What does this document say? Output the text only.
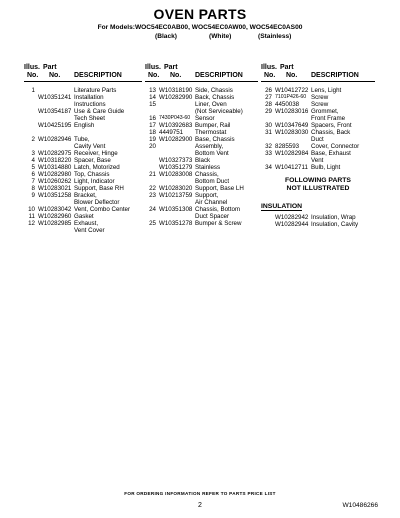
OVEN PARTS
For Models:WOC54EC0AB00, WOC54EC0AW00, WOC54EC0AS00
(Black)	(White)	(Stainless)
Illus. Part
No. No. DESCRIPTION
1	Literature Parts
W10351241 Installation
Instructions
W10354187 Use & Care Guide
Tech Sheet
W10425195 English
2 W10282946 Tube,
Cavity Vent
3 W10282975 Receiver, Hinge
4 W10318220 Spacer, Base
5 W10314880 Latch, Motorized
6 W10282980 Top, Chassis
7 W10260262 Light, Indicator
8 W10283021 Support, Base RH
9 W10351258 Bracket,
Blower Deflector
10 W10283042 Vent, Combo Center
11 W10282960 Gasket
12 W10282985 Exhaust,
Vent Cover
Illus. Part
No. No. DESCRIPTION
13 W10318190 Side, Chassis
14 W10282990 Back, Chassis
15	Liner, Oven
(Not Serviceable)
16 7430P043-60 Sensor
17 W10392683 Bumper, Rail
18 4449751 Thermostat
19 W10282900 Base, Chassis
20	Assembly,
Bottom Vent
W10327373 Black
W10351279 Stainless
21 W10283008 Chassis,
Bottom Duct
22 W10283020 Support, Base LH
23 W10213759 Support,
Air Channel
24 W10351308 Chassis, Bottom
Duct Spacer
25 W10351278 Bumper & Screw
Illus. Part
No. No. DESCRIPTION
26 W10412722 Lens, Light
27 7101P426-60 Screw
28 4450038 Screw
29 W10283016 Grommet,
Front Frame
30 W10347649 Spacers, Front
31 W10283030 Chassis, Back
Duct
32 8285593 Cover, Connector
33 W10282984 Base, Exhaust
Vent
34 W10412711 Bulb, Light
FOLLOWING PARTS
NOT ILLUSTRATED
INSULATION
W10282942 Insulation, Wrap
W10282944 Insulation, Cavity
FOR ORDERING INFORMATION REFER TO PARTS PRICE LIST
2	W10486266
